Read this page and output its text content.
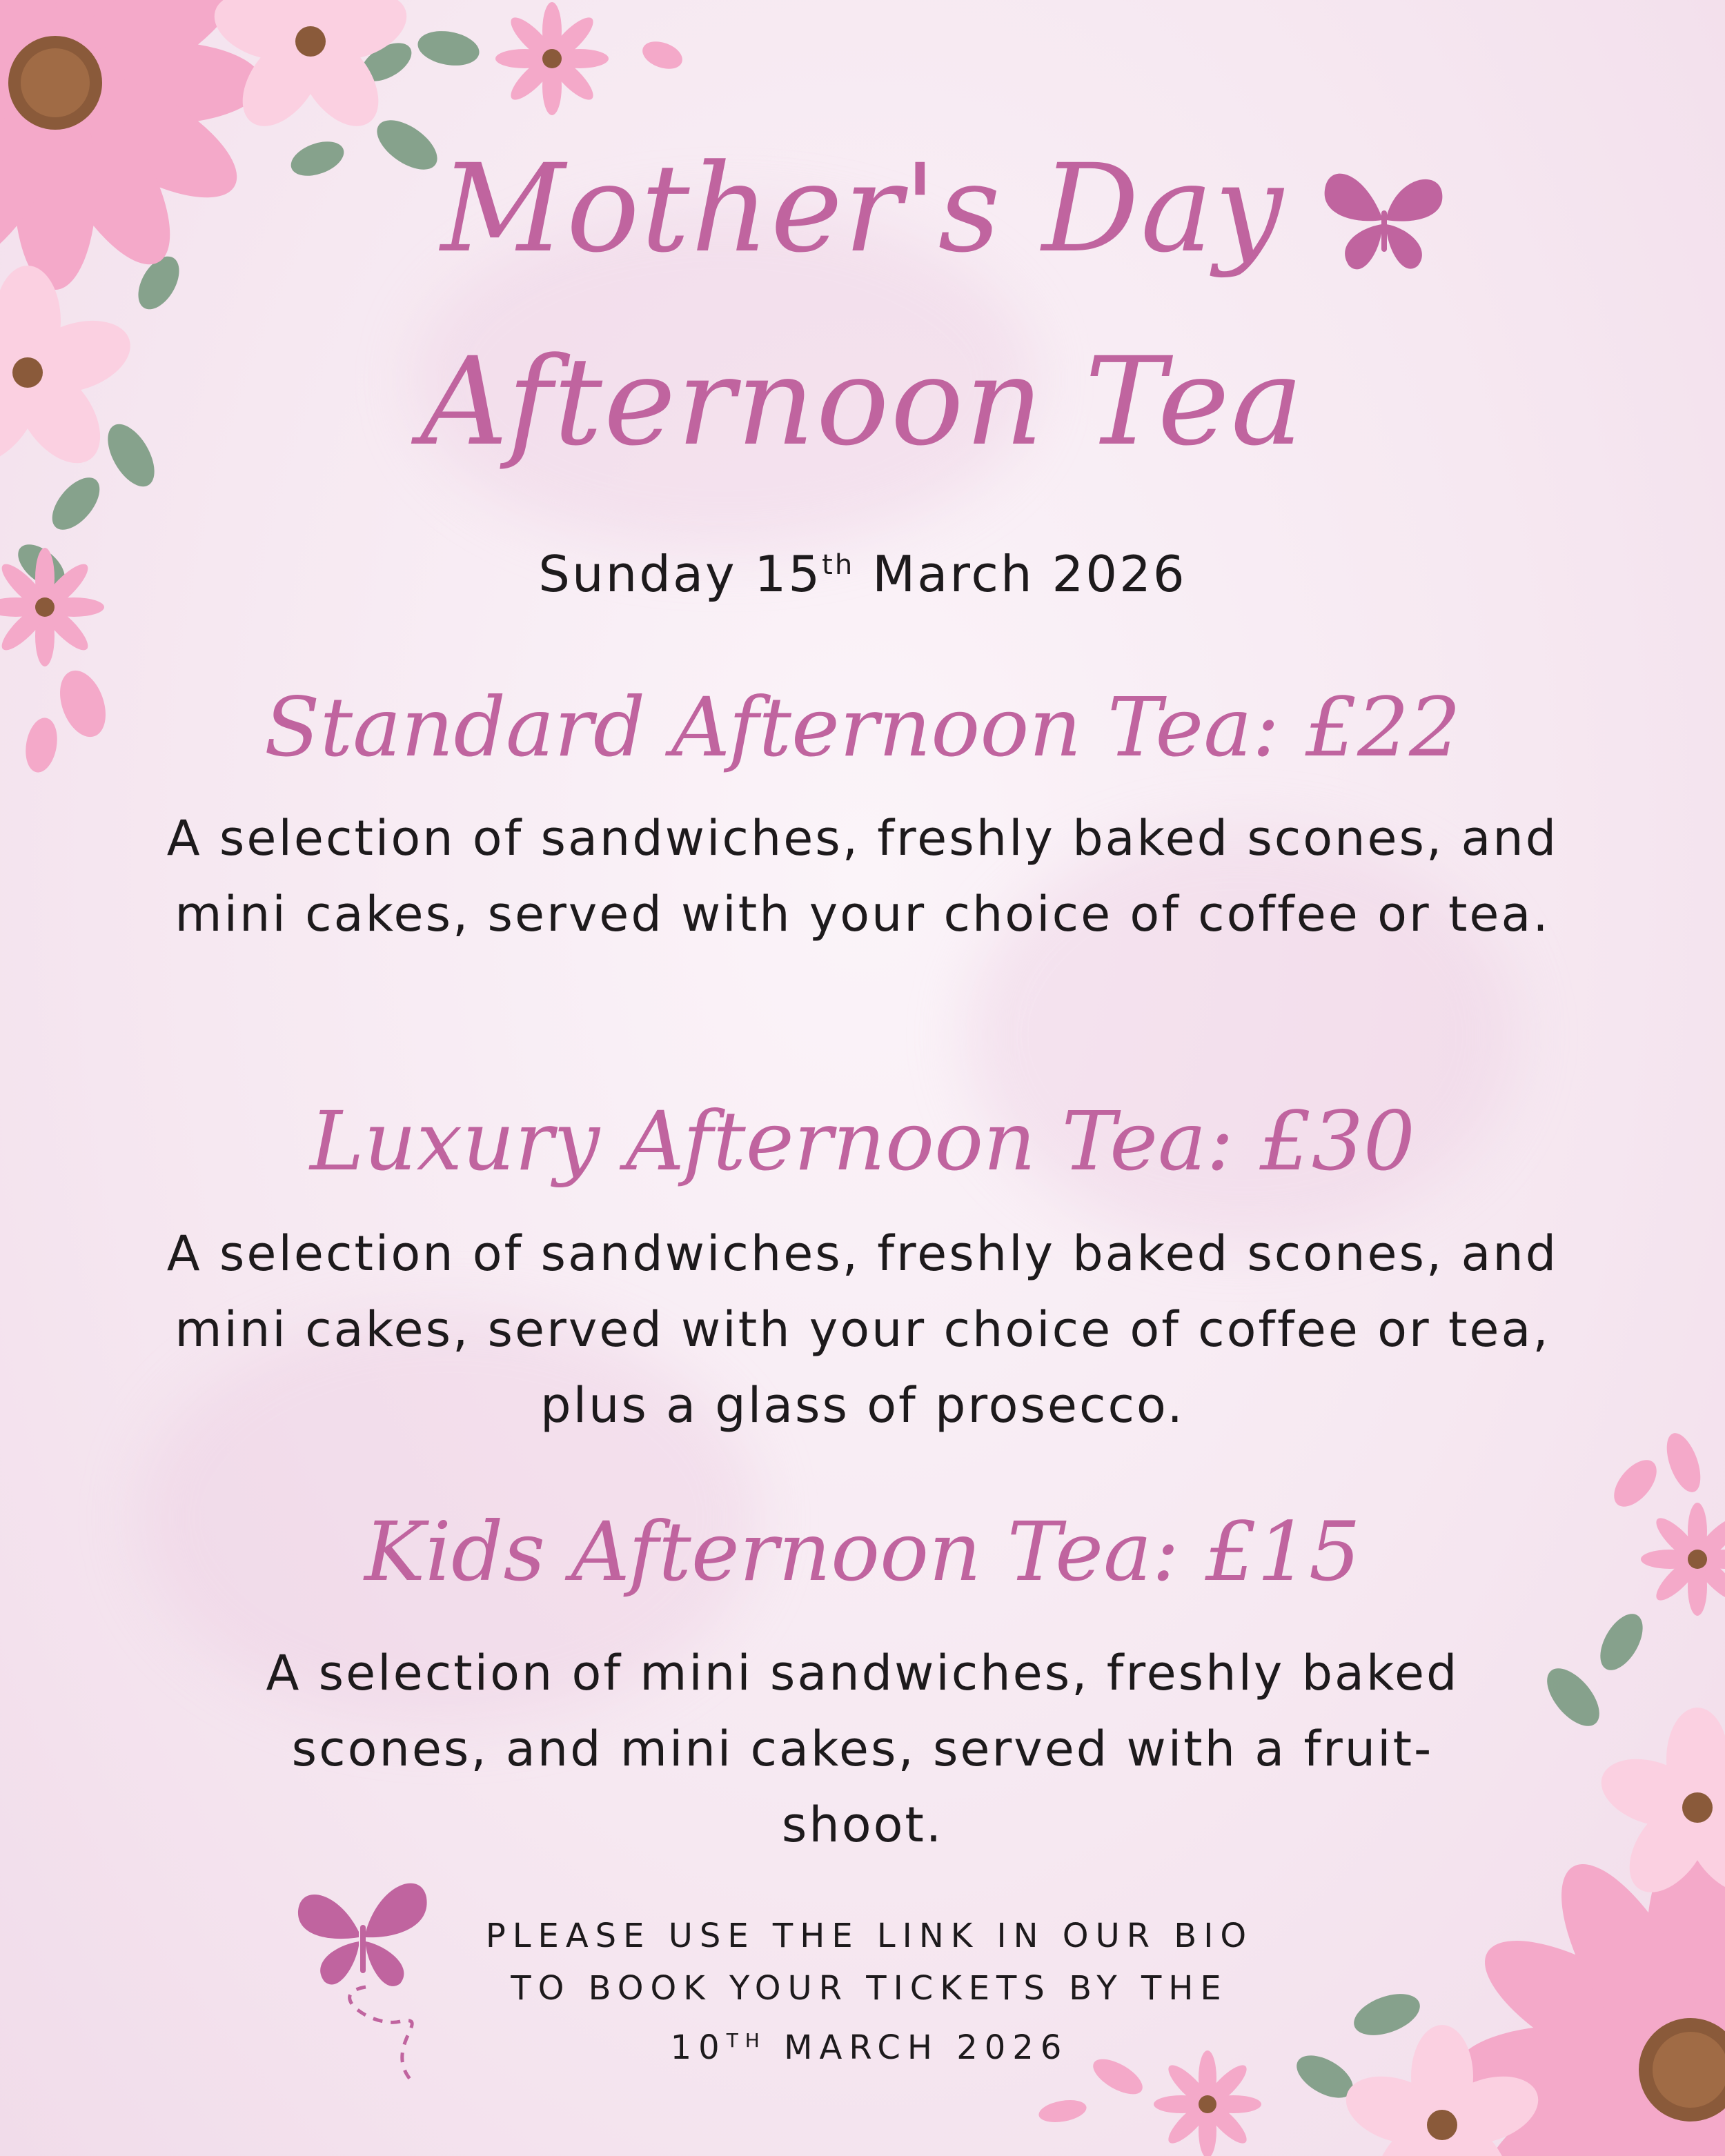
Mother's Day
Afternoon Tea
Sunday 15th March 2026
Standard Afternoon Tea: £22

A selection of sandwiches, freshly baked scones, and mini cakes, served with your choice of coffee or tea.

Luxury Afternoon Tea: £30

A selection of sandwiches, freshly baked scones, and mini cakes, served with your choice of coffee or tea, plus a glass of prosecco.

Kids Afternoon Tea: £15

A selection of mini sandwiches, freshly baked scones, and mini cakes, served with a fruit-shoot.

PLEASE USE THE LINK IN OUR BIO
TO BOOK YOUR TICKETS BY THE
10TH MARCH 2026
